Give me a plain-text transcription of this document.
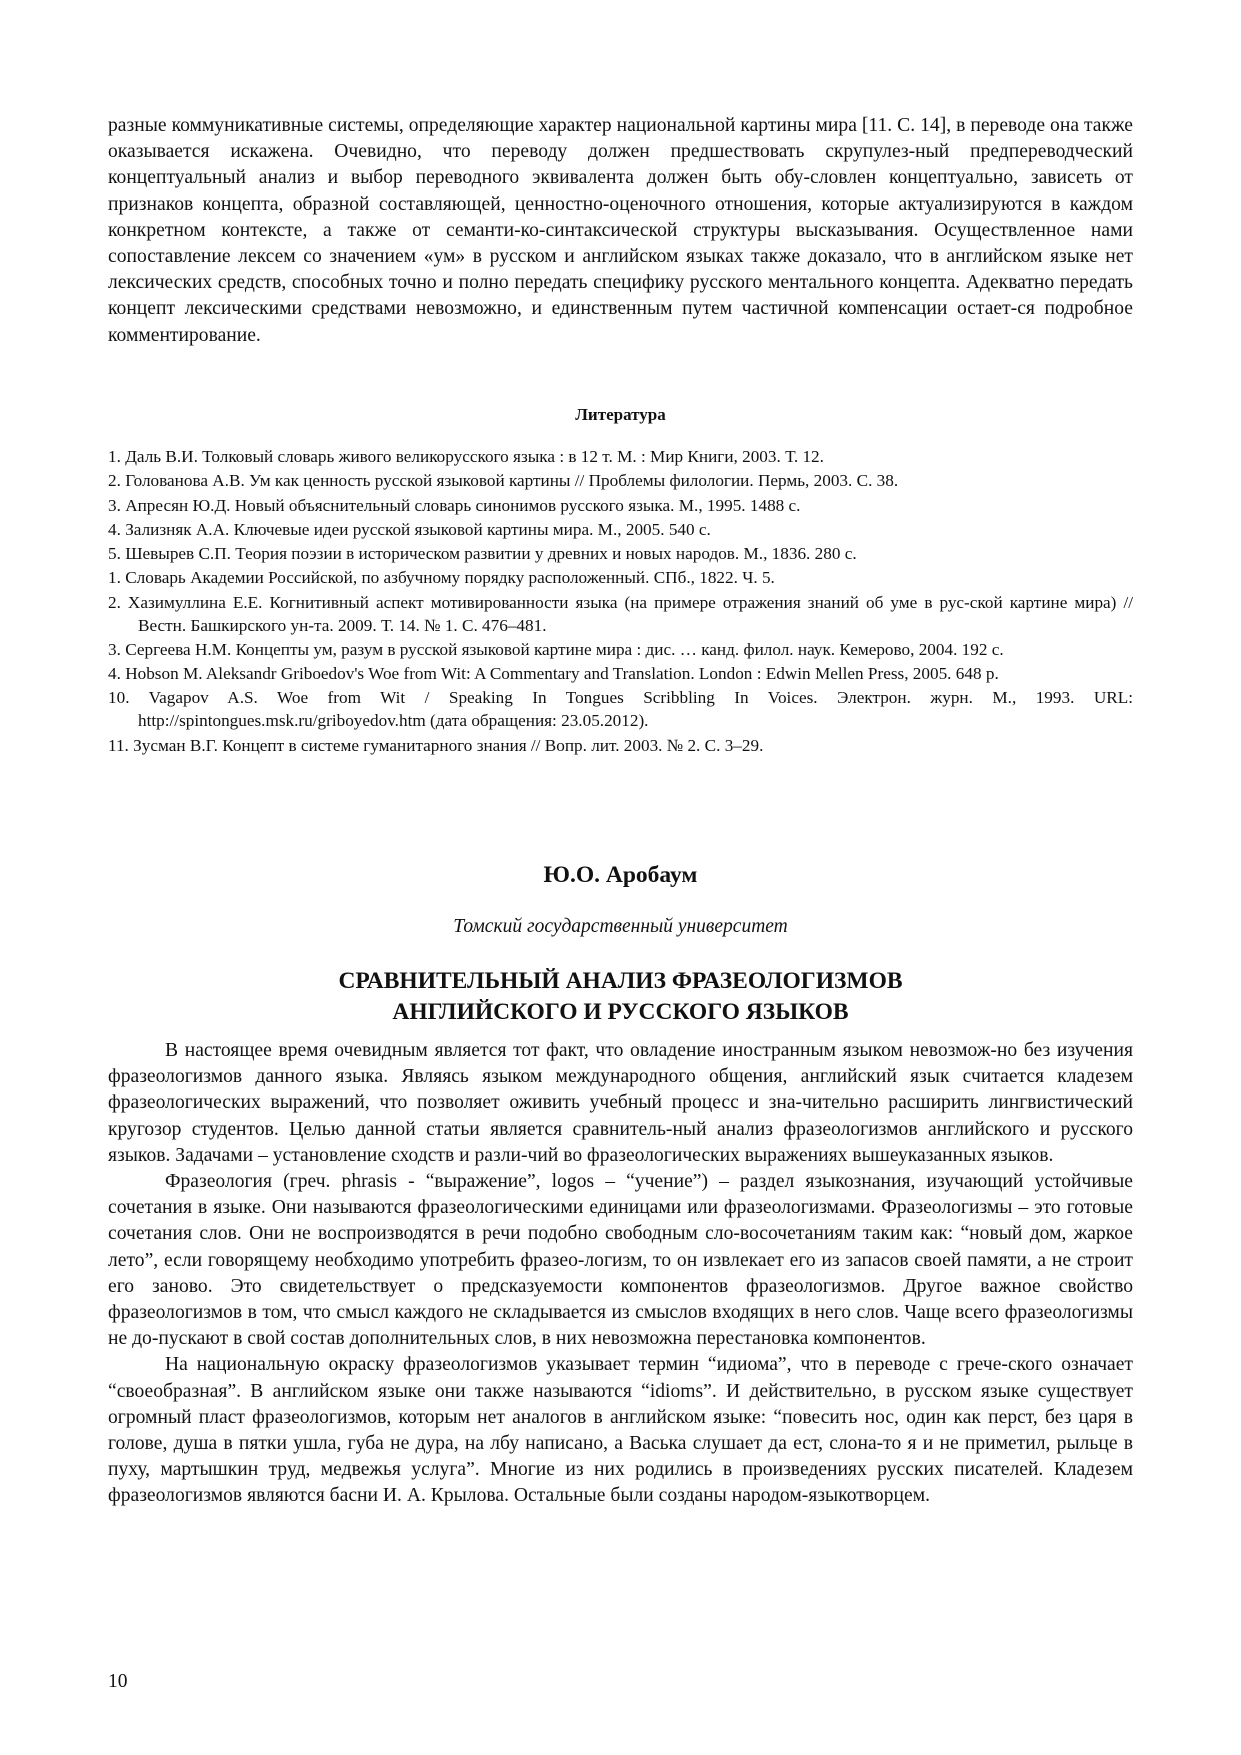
разные коммуникативные системы, определяющие характер национальной картины мира [11. С. 14], в переводе она также оказывается искажена. Очевидно, что переводу должен предшествовать скрупулез-ный предпереводческий концептуальный анализ и выбор переводного эквивалента должен быть обу-словлен концептуально, зависеть от признаков концепта, образной составляющей, ценностно-оценочного отношения, которые актуализируются в каждом конкретном контексте, а также от семанти-ко-синтаксической структуры высказывания. Осуществленное нами сопоставление лексем со значением «ум» в русском и английском языках также доказало, что в английском языке нет лексических средств, способных точно и полно передать специфику русского ментального концепта. Адекватно передать концепт лексическими средствами невозможно, и единственным путем частичной компенсации остает-ся подробное комментирование.

Литература

1. Даль В.И. Толковый словарь живого великорусского языка : в 12 т. М. : Мир Книги, 2003. Т. 12.

2. Голованова А.В. Ум как ценность русской языковой картины // Проблемы филологии. Пермь, 2003. С. 38.

3. Апресян Ю.Д. Новый объяснительный словарь синонимов русского языка. М., 1995. 1488 с.

4. Зализняк А.А. Ключевые идеи русской языковой картины мира. М., 2005. 540 с.

5. Шевырев С.П. Теория поэзии в историческом развитии у древних и новых народов. М., 1836. 280 с.

1. Словарь Академии Российской, по азбучному порядку расположенный. СПб., 1822. Ч. 5.

2. Хазимуллина Е.Е. Когнитивный аспект мотивированности языка (на примере отражения знаний об уме в рус-ской картине мира) // Вестн. Башкирского ун-та. 2009. Т. 14. № 1. С. 476–481.

3. Сергеева Н.М. Концепты ум, разум в русской языковой картине мира : дис. … канд. филол. наук. Кемерово, 2004. 192 с.

4. Hobson M. Aleksandr Griboedov's Woe from Wit: A Commentary and Translation. London : Edwin Mellen Press, 2005. 648 p.

10. Vagapov A.S. Woe from Wit / Speaking In Tongues Scribbling In Voices. Электрон. журн. М., 1993. URL: http://spintongues.msk.ru/griboyedov.htm (дата обращения: 23.05.2012).

11. Зусман В.Г. Концепт в системе гуманитарного знания // Вопр. лит. 2003. № 2. С. 3–29.

Ю.О. Аробаум
Томский государственный университет
СРАВНИТЕЛЬНЫЙ АНАЛИЗ ФРАЗЕОЛОГИЗМОВ
АНГЛИЙСКОГО И РУССКОГО ЯЗЫКОВ

В настоящее время очевидным является тот факт, что овладение иностранным языком невозмож-но без изучения фразеологизмов данного языка. Являясь языком международного общения, английский язык считается кладезем фразеологических выражений, что позволяет оживить учебный процесс и зна-чительно расширить лингвистический кругозор студентов. Целью данной статьи является сравнитель-ный анализ фразеологизмов английского и русского языков. Задачами – установление сходств и разли-чий во фразеологических выражениях вышеуказанных языков.

Фразеология (греч. phrasis - “выражение”, logos – “учение”) – раздел языкознания, изучающий устойчивые сочетания в языке. Они называются фразеологическими единицами или фразеологизмами. Фразеологизмы – это готовые сочетания слов. Они не воспроизводятся в речи подобно свободным сло-восочетаниям таким как: “новый дом, жаркое лето”, если говорящему необходимо употребить фразео-логизм, то он извлекает его из запасов своей памяти, а не строит его заново. Это свидетельствует о предсказуемости компонентов фразеологизмов. Другое важное свойство фразеологизмов в том, что смысл каждого не складывается из смыслов входящих в него слов. Чаще всего фразеологизмы не до-пускают в свой состав дополнительных слов, в них невозможна перестановка компонентов.

На национальную окраску фразеологизмов указывает термин “идиома”, что в переводе с грече-ского означает “своеобразная”. В английском языке они также называются “idioms”. И действительно, в русском языке существует огромный пласт фразеологизмов, которым нет аналогов в английском языке: “повесить нос, один как перст, без царя в голове, душа в пятки ушла, губа не дура, на лбу написано, а Васька слушает да ест, слона-то я и не приметил, рыльце в пуху, мартышкин труд, медвежья услуга”. Многие из них родились в произведениях русских писателей. Кладезем фразеологизмов являются басни И. А. Крылова. Остальные были созданы народом-языкотворцем.

10
